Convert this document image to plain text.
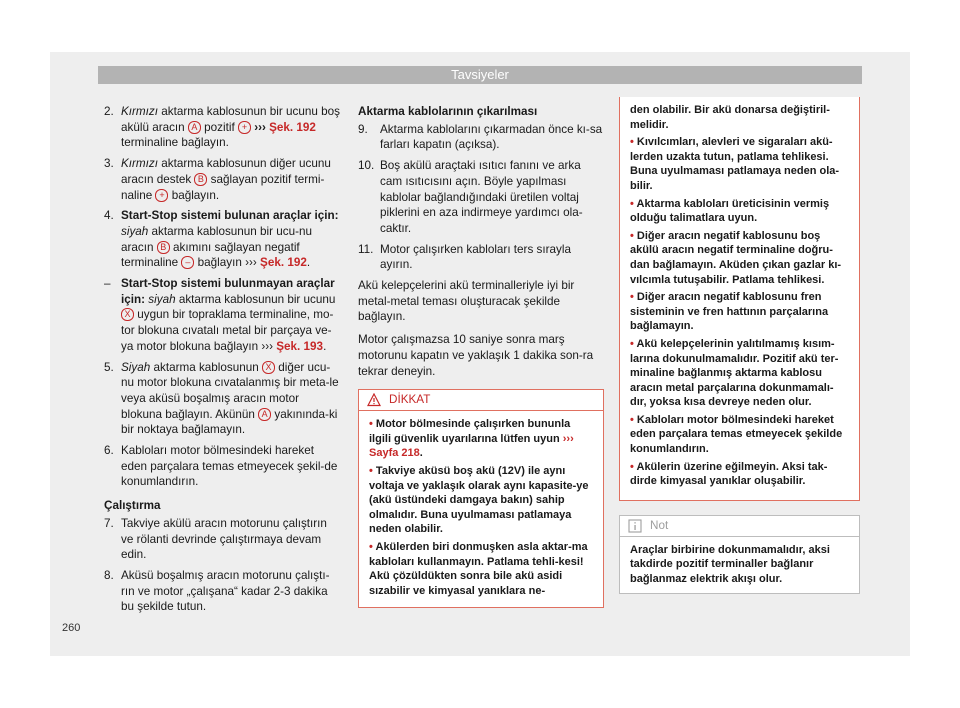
Tavsiyeler
2. Kırmızı aktarma kablosunun bir ucunu boş akülü aracın A pozitif + ››› Şek. 192 terminaline bağlayın.
3. Kırmızı aktarma kablosunun diğer ucunu aracın destek B sağlayan pozitif termi-naline + bağlayın.
4. Start-Stop sistemi bulunan araçlar için: siyah aktarma kablosunun bir ucu-nu aracın B akımını sağlayan negatif terminaline – bağlayın ››› Şek. 192.
– Start-Stop sistemi bulunmayan araçlar için: siyah aktarma kablosunun bir ucunu X uygun bir topraklama terminaline, mo-tor blokuna cıvatalı metal bir parçaya ve-ya motor blokuna bağlayın ››› Şek. 193.
5. Siyah aktarma kablosunun X diğer ucu-nu motor blokuna cıvatalanmış bir meta-le veya aküsü boşalmış aracın motor blokuna bağlayın. Akünün A yakınında-ki bir noktaya bağlamayın.
6. Kabloları motor bölmesindeki hareket eden parçalara temas etmeyecek şekil-de konumlandırın.
Çalıştırma
7. Takviye akülü aracın motorunu çalıştırın ve rölanti devrinde çalıştırmaya devam edin.
8. Aküsü boşalmış aracın motorunu çalıştı-rın ve motor „çalışana“ kadar 2-3 dakika bu şekilde tutun.
Aktarma kablolarının çıkarılması
9.	Aktarma kablolarını çıkarmadan önce kı-sa farları kapatın (açıksa).
10. Boş akülü araçtaki ısıtıcı fanını ve arka cam ısıtıcısını açın. Böyle yapılması kablolar bağlandığındaki üretilen voltaj piklerini en aza indirmeye yardımcı ola-caktır.
11. Motor çalışırken kabloları ters sırayla ayırın.
Akü kelepçelerini akü terminalleriyle iyi bir metal-metal teması oluşturacak şekilde bağlayın.
Motor çalışmazsa 10 saniye sonra marş motorunu kapatın ve yaklaşık 1 dakika son-ra tekrar deneyin.
DİKKAT
• Motor bölmesinde çalışırken bununla ilgili güvenlik uyarılarına lütfen uyun ››› Sayfa 218.
• Takviye aküsü boş akü (12V) ile aynı voltaja ve yaklaşık olarak aynı kapasite-ye (akü üstündeki damgaya bakın) sahip olmalıdır. Buna uyulmaması patlamaya neden olabilir.
• Akülerden biri donmuşken asla aktar-ma kabloları kullanmayın. Patlama tehli-kesi! Akü çözüldükten sonra bile akü asidi sızabilir ve kimyasal yanıklara ne-
den olabilir. Bir akü donarsa değiştiril-melidir.
• Kıvılcımları, alevleri ve sigaraları akü-lerden uzakta tutun, patlama tehlikesi. Buna uyulmaması patlamaya neden ola-bilir.
• Aktarma kabloları üreticisinin vermiş olduğu talimatlara uyun.
• Diğer aracın negatif kablosunu boş akülü aracın negatif terminaline doğru-dan bağlamayın. Aküden çıkan gazlar kı-vılcımla tutuşabilir. Patlama tehlikesi.
• Diğer aracın negatif kablosunu fren sisteminin ve fren hattının parçalarına bağlamayın.
• Akü kelepçelerinin yalıtılmamış kısım-larına dokunulmamalıdır. Pozitif akü ter-minaline bağlanmış aktarma kablosu aracın metal parçalarına dokunmamalı-dır, yoksa kısa devreye neden olur.
• Kabloları motor bölmesindeki hareket eden parçalara temas etmeyecek şekilde konumlandırın.
• Akülerin üzerine eğilmeyin. Aksi tak-dirde kimyasal yanıklar oluşabilir.
Not
Araçlar birbirine dokunmamalıdır, aksi takdirde pozitif terminaller bağlanır bağlanmaz elektrik akışı olur.
260
